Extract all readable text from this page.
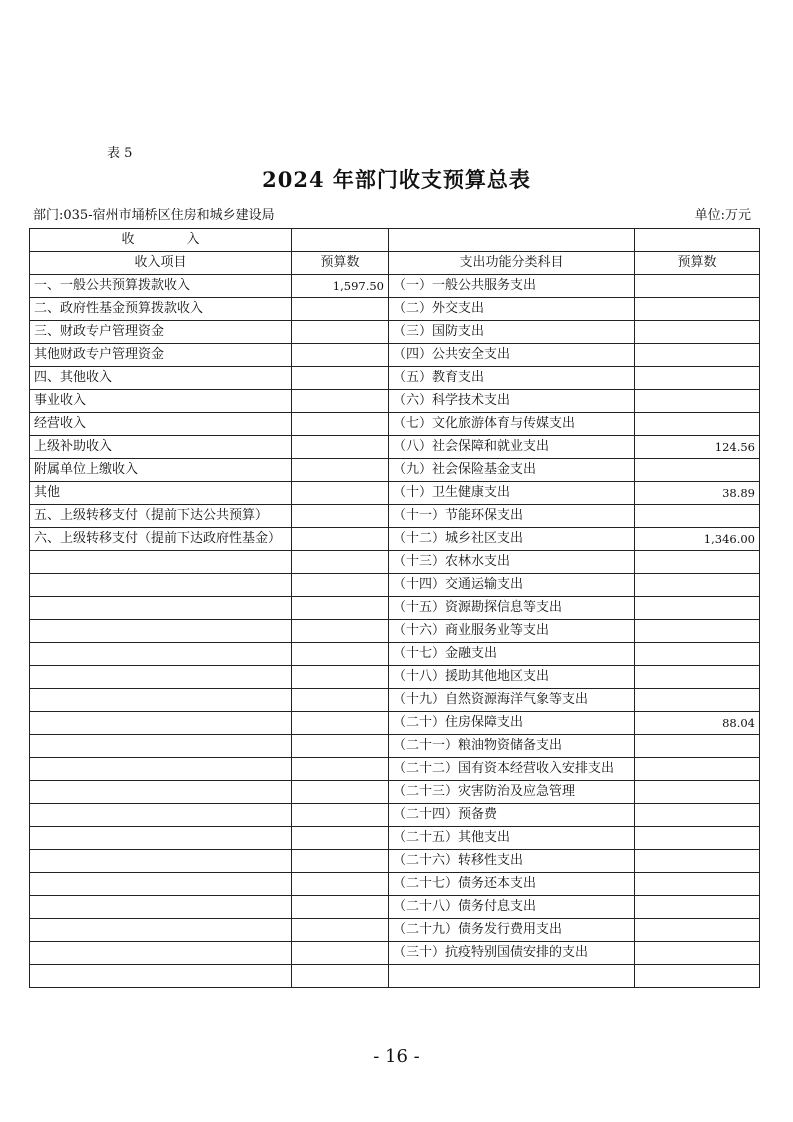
表 5
2024 年部门收支预算总表
部门:035-宿州市埇桥区住房和城乡建设局	单位:万元
收　　　　入			
收入项目	预算数	支出功能分类科目	预算数
一、一般公共预算拨款收入	1,597.50	（一）一般公共服务支出	
二、政府性基金预算拨款收入		（二）外交支出	
三、财政专户管理资金		（三）国防支出	
其他财政专户管理资金		（四）公共安全支出	
四、其他收入		（五）教育支出	
事业收入		（六）科学技术支出	
经营收入		（七）文化旅游体育与传媒支出	
上级补助收入		（八）社会保障和就业支出	124.56
附属单位上缴收入		（九）社会保险基金支出	
其他		（十）卫生健康支出	38.89
五、上级转移支付（提前下达公共预算）		（十一）节能环保支出	
六、上级转移支付（提前下达政府性基金）		（十二）城乡社区支出	1,346.00
		（十三）农林水支出	
		（十四）交通运输支出	
		（十五）资源勘探信息等支出	
		（十六）商业服务业等支出	
		（十七）金融支出	
		（十八）援助其他地区支出	
		（十九）自然资源海洋气象等支出	
		（二十）住房保障支出	88.04
		（二十一）粮油物资储备支出	
		（二十二）国有资本经营收入安排支出	
		（二十三）灾害防治及应急管理	
		（二十四）预备费	
		（二十五）其他支出	
		（二十六）转移性支出	
		（二十七）债务还本支出	
		（二十八）债务付息支出	
		（二十九）债务发行费用支出	
		（三十）抗疫特别国债安排的支出	

- 16 -
